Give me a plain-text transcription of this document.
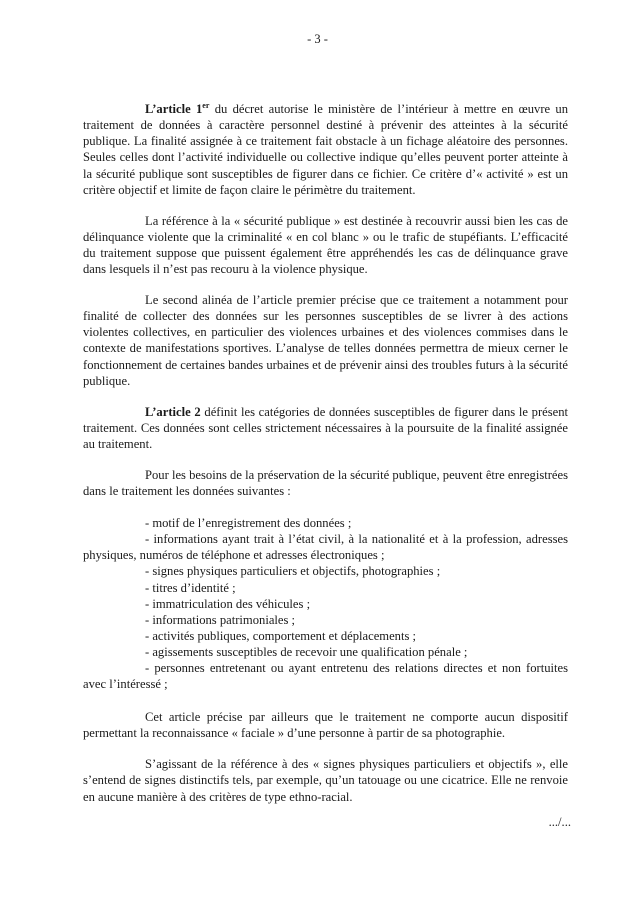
- 3 -

L’article 1er du décret autorise le ministère de l’intérieur à mettre en œuvre un traitement de données à caractère personnel destiné à prévenir des atteintes à la sécurité publique. La finalité assignée à ce traitement fait obstacle à un fichage aléatoire des personnes. Seules celles dont l’activité individuelle ou collective indique qu’elles peuvent porter atteinte à la sécurité publique sont susceptibles de figurer dans ce fichier. Ce critère d’« activité » est un critère objectif et limite de façon claire le périmètre du traitement.

La référence à la « sécurité publique » est destinée à recouvrir aussi bien les cas de délinquance violente que la criminalité « en col blanc » ou le trafic de stupéfiants. L’efficacité du traitement suppose que puissent également être appréhendés les cas de délinquance grave dans lesquels il n’est pas recouru à la violence physique.

Le second alinéa de l’article premier précise que ce traitement a notamment pour finalité de collecter des données sur les personnes susceptibles de se livrer à des actions violentes collectives, en particulier des violences urbaines et des violences commises dans le contexte de manifestations sportives. L’analyse de telles données permettra de mieux cerner le fonctionnement de certaines bandes urbaines et de prévenir ainsi des troubles futurs à la sécurité publique.

L’article 2 définit les catégories de données susceptibles de figurer dans le présent traitement. Ces données sont celles strictement nécessaires à la poursuite de la finalité assignée au traitement.

Pour les besoins de la préservation de la sécurité publique, peuvent être enregistrées dans le traitement les données suivantes :

- motif de l’enregistrement des données ;
- informations ayant trait à l’état civil, à la nationalité et à la profession, adresses physiques, numéros de téléphone et adresses électroniques ;
- signes physiques particuliers et objectifs, photographies ;
- titres d’identité ;
- immatriculation des véhicules ;
- informations patrimoniales ;
- activités publiques, comportement et déplacements ;
- agissements susceptibles de recevoir une qualification pénale ;
- personnes entretenant ou ayant entretenu des relations directes et non fortuites avec l’intéressé ;

Cet article précise par ailleurs que le traitement ne comporte aucun dispositif permettant la reconnaissance « faciale » d’une personne à partir de sa photographie.

S’agissant de la référence à des « signes physiques particuliers et objectifs », elle s’entend de signes distinctifs tels, par exemple, qu’un tatouage ou une cicatrice. Elle ne renvoie en aucune manière à des critères de type ethno-racial.

.../...
